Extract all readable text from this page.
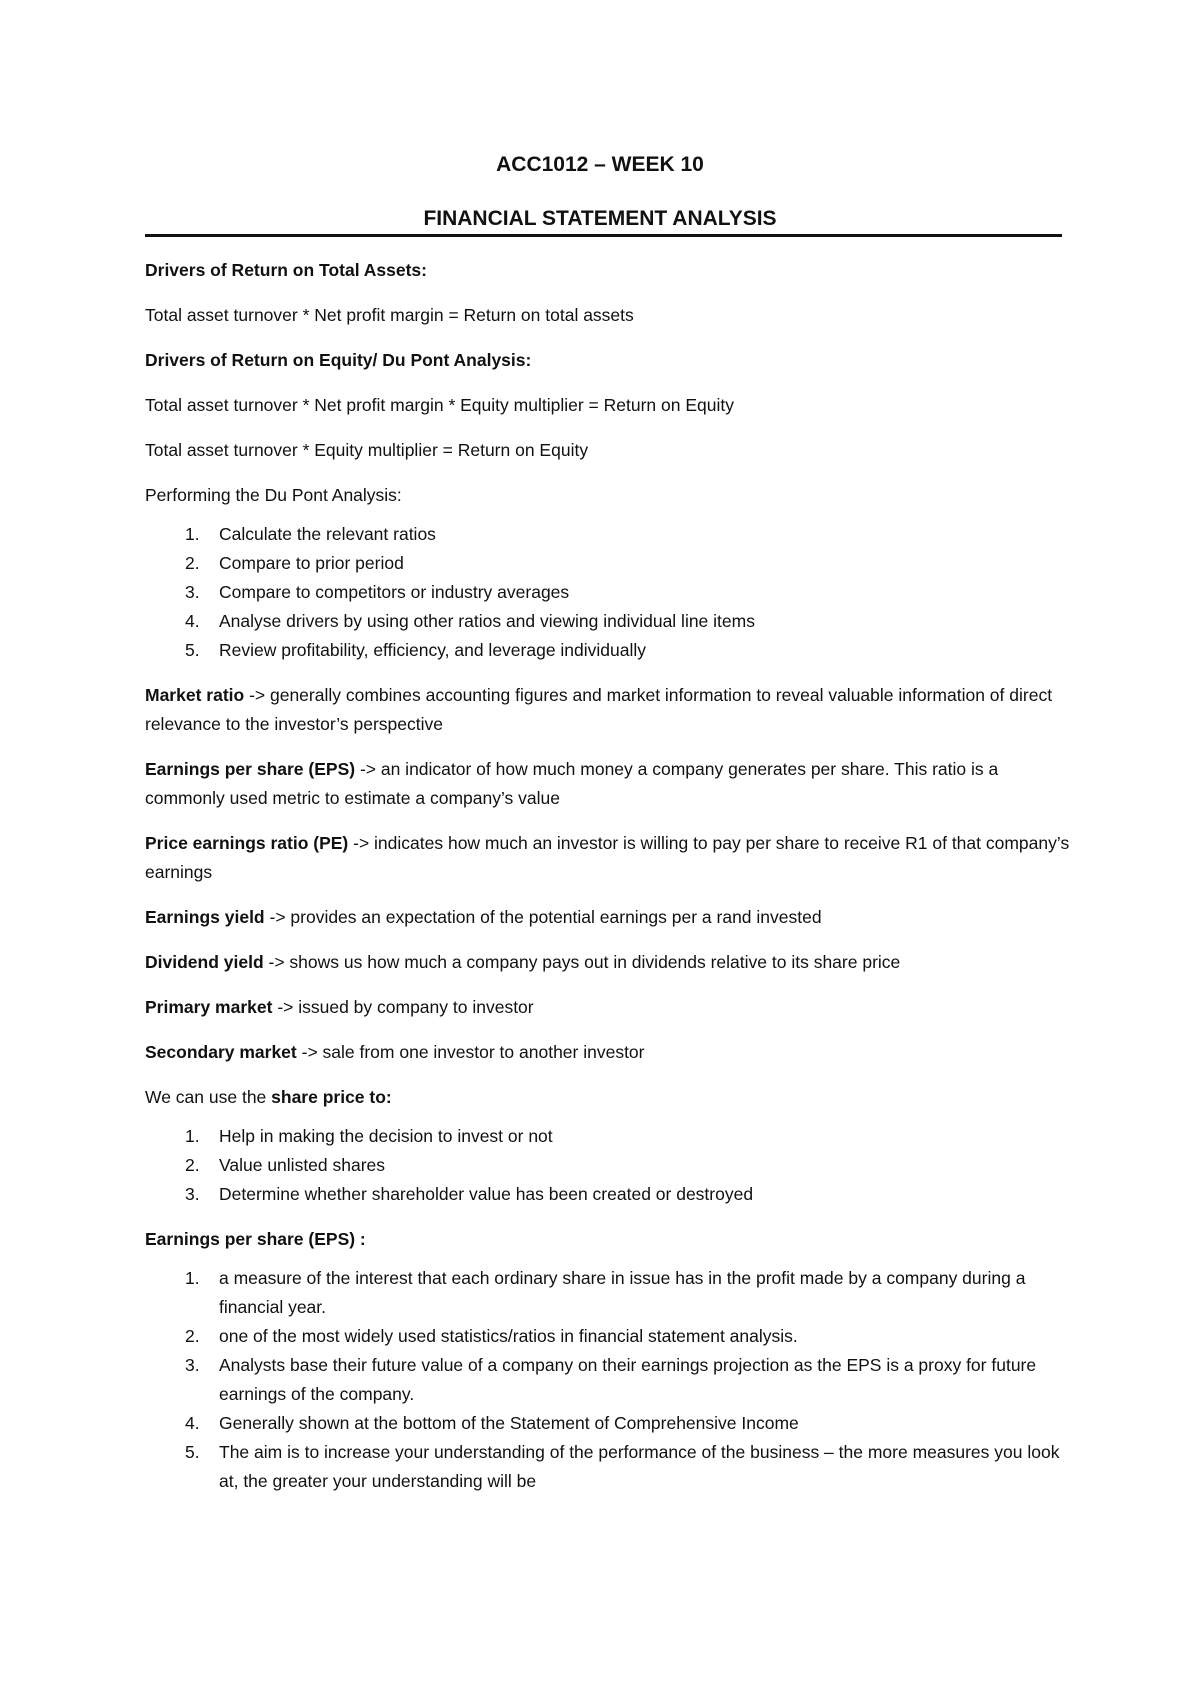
ACC1012 – WEEK 10
FINANCIAL STATEMENT ANALYSIS

Drivers of Return on Total Assets:

Total asset turnover * Net profit margin = Return on total assets

Drivers of Return on Equity/ Du Pont Analysis:

Total asset turnover * Net profit margin * Equity multiplier = Return on Equity

Total asset turnover * Equity multiplier = Return on Equity

Performing the Du Pont Analysis:

1. Calculate the relevant ratios
2. Compare to prior period
3. Compare to competitors or industry averages
4. Analyse drivers by using other ratios and viewing individual line items
5. Review profitability, efficiency, and leverage individually

Market ratio -> generally combines accounting figures and market information to reveal valuable information of direct relevance to the investor’s perspective

Earnings per share (EPS) -> an indicator of how much money a company generates per share. This ratio is a commonly used metric to estimate a company’s value

Price earnings ratio (PE) -> indicates how much an investor is willing to pay per share to receive R1 of that company’s earnings

Earnings yield -> provides an expectation of the potential earnings per a rand invested

Dividend yield -> shows us how much a company pays out in dividends relative to its share price

Primary market -> issued by company to investor

Secondary market -> sale from one investor to another investor

We can use the share price to:

1. Help in making the decision to invest or not
2. Value unlisted shares
3. Determine whether shareholder value has been created or destroyed

Earnings per share (EPS) :

1. a measure of the interest that each ordinary share in issue has in the profit made by a company during a financial year.
2. one of the most widely used statistics/ratios in financial statement analysis.
3. Analysts base their future value of a company on their earnings projection as the EPS is a proxy for future earnings of the company.
4. Generally shown at the bottom of the Statement of Comprehensive Income
5. The aim is to increase your understanding of the performance of the business – the more measures you look at, the greater your understanding will be
